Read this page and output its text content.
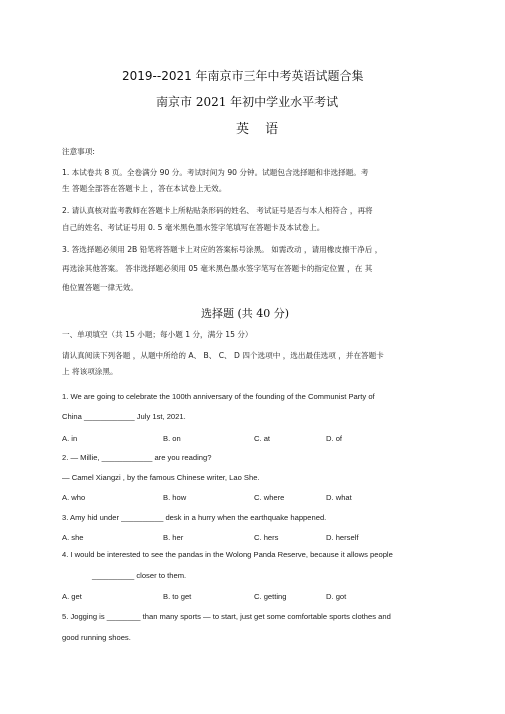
2019--2021 年南京市三年中考英语试题合集
南京市 2021 年初中学业水平考试
英 语
注意事项:
1. 本试卷共 8 页。全卷满分 90 分。考试时间为 90 分钟。试题包含选择题和非选择题。考
生 答题全部答在答题卡上 ，答在本试卷上无效。
2. 请认真核对监考教师在答题卡上所粘贴条形码的姓名、 考试证号是否与本人相符合 ，再将
自己的姓名、考试证号用 0. 5 毫米黑色墨水签字笔填写在答题卡及本试卷上。
3. 答选择题必须用 2B 铅笔将答题卡上对应的答案标号涂黑。 如需改动 ，请用橡皮擦干净后 ，
再选涂其他答案。 答非选择题必须用 05 毫米黑色墨水签字笔写在答题卡的指定位置 ，在 其
他位置答题一律无效。
选择题 (共 40 分)
一、单项填空（共 15 小题；每小题 1 分，满分 15 分）
请认真阅读下列各题 ，从题中所给的 A、 B、 C、 D 四个选项中 ，选出最佳选项 ，并在答题卡
上 将该项涂黑。
1. We are going to celebrate the 100th anniversary of the founding of the Communist Party of
China ____________ July 1st, 2021.
A. in	B. on	C. at	D. of
2. — Millie, ____________ are you reading?
— Camel Xiangzi , by the famous Chinese writer, Lao She.
A. who	B. how	C. where	D. what
3. Amy hid under __________ desk in a hurry when the earthquake happened.
A. she	B. her	C. hers	D. herself
4. I would be interested to see the pandas in the Wolong Panda Reserve, because it allows people
__________ closer to them.
A. get	B. to get	C. getting	D. got
5. Jogging is ________ than many sports — to start, just get some comfortable sports clothes and
good running shoes.
